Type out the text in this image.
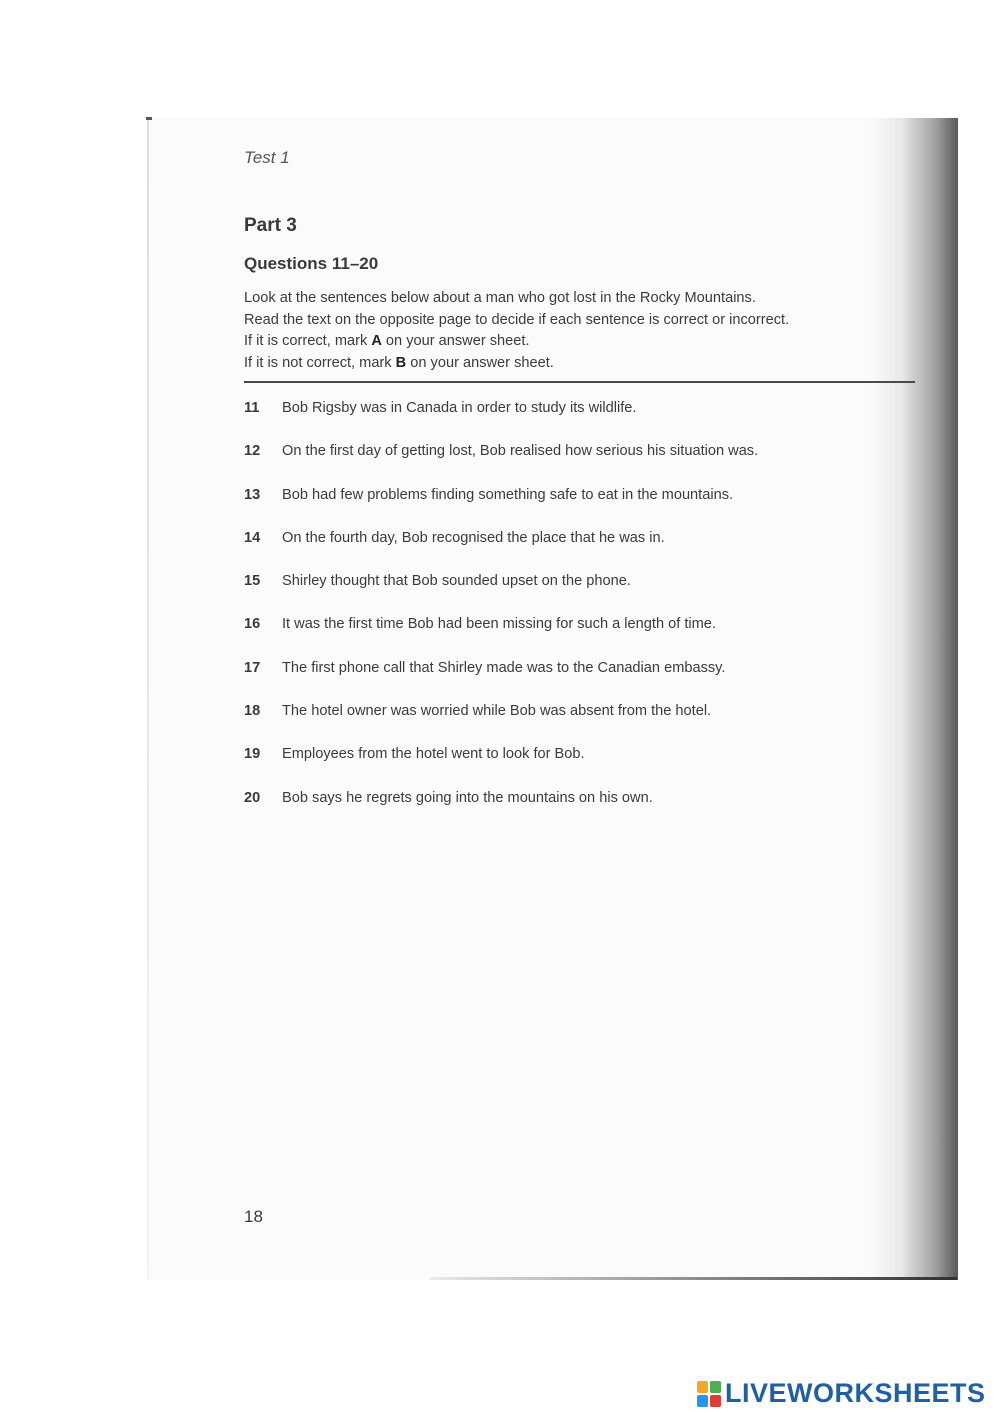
Test 1
Part 3
Questions 11–20
Look at the sentences below about a man who got lost in the Rocky Mountains.
Read the text on the opposite page to decide if each sentence is correct or incorrect.
If it is correct, mark A on your answer sheet.
If it is not correct, mark B on your answer sheet.
11	Bob Rigsby was in Canada in order to study its wildlife.
12	On the first day of getting lost, Bob realised how serious his situation was.
13	Bob had few problems finding something safe to eat in the mountains.
14	On the fourth day, Bob recognised the place that he was in.
15	Shirley thought that Bob sounded upset on the phone.
16	It was the first time Bob had been missing for such a length of time.
17	The first phone call that Shirley made was to the Canadian embassy.
18	The hotel owner was worried while Bob was absent from the hotel.
19	Employees from the hotel went to look for Bob.
20	Bob says he regrets going into the mountains on his own.
18
LIVEWORKSHEETS
